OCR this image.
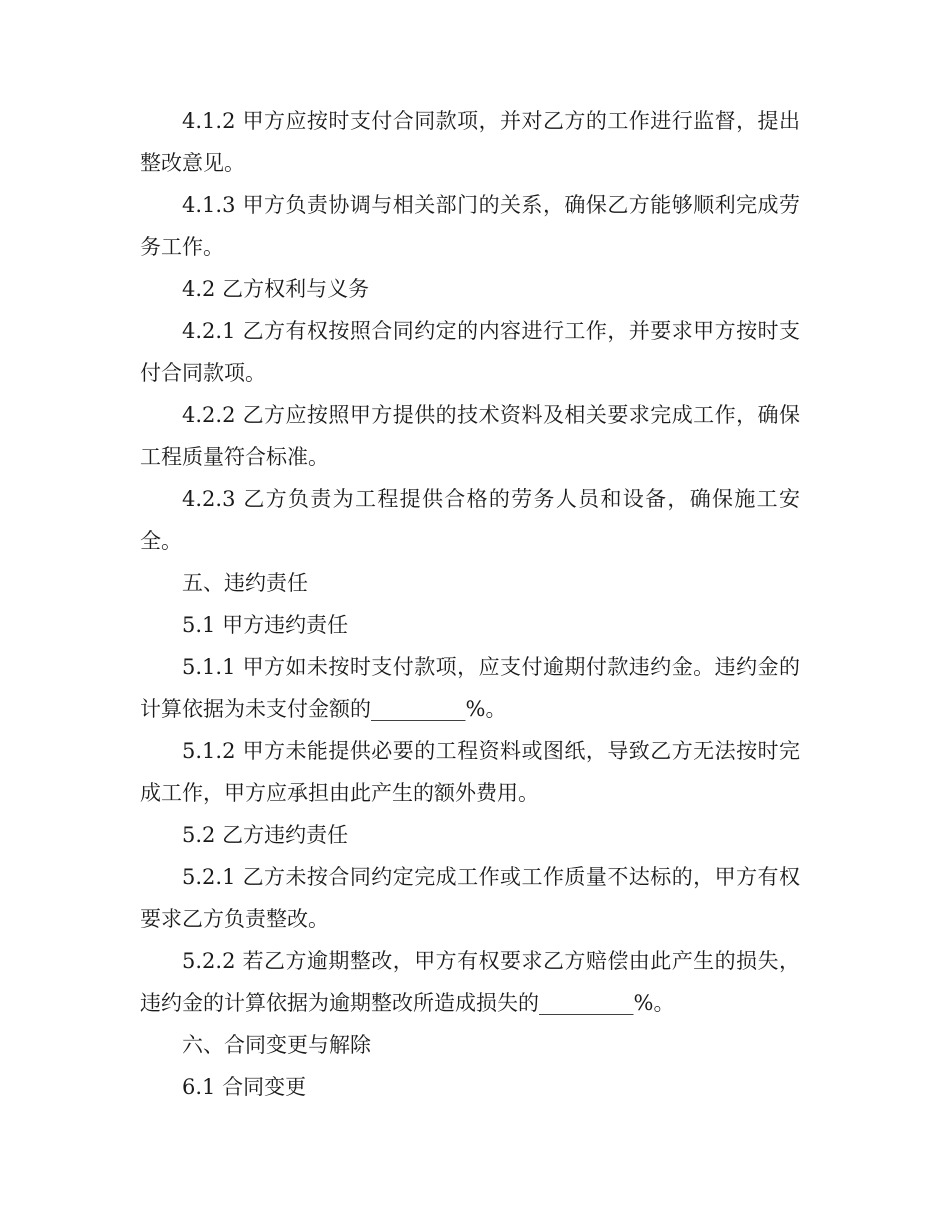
4.1.2 甲方应按时支付合同款项，并对乙方的工作进行监督，提出整改意见。

4.1.3 甲方负责协调与相关部门的关系，确保乙方能够顺利完成劳务工作。

4.2 乙方权利与义务

4.2.1 乙方有权按照合同约定的内容进行工作，并要求甲方按时支付合同款项。

4.2.2 乙方应按照甲方提供的技术资料及相关要求完成工作，确保工程质量符合标准。

4.2.3 乙方负责为工程提供合格的劳务人员和设备，确保施工安全。

五、违约责任

5.1 甲方违约责任

5.1.1 甲方如未按时支付款项，应支付逾期付款违约金。违约金的计算依据为未支付金额的_________%。

5.1.2 甲方未能提供必要的工程资料或图纸，导致乙方无法按时完成工作，甲方应承担由此产生的额外费用。

5.2 乙方违约责任

5.2.1 乙方未按合同约定完成工作或工作质量不达标的，甲方有权要求乙方负责整改。

5.2.2 若乙方逾期整改，甲方有权要求乙方赔偿由此产生的损失，违约金的计算依据为逾期整改所造成损失的_________%。

六、合同变更与解除

6.1 合同变更
